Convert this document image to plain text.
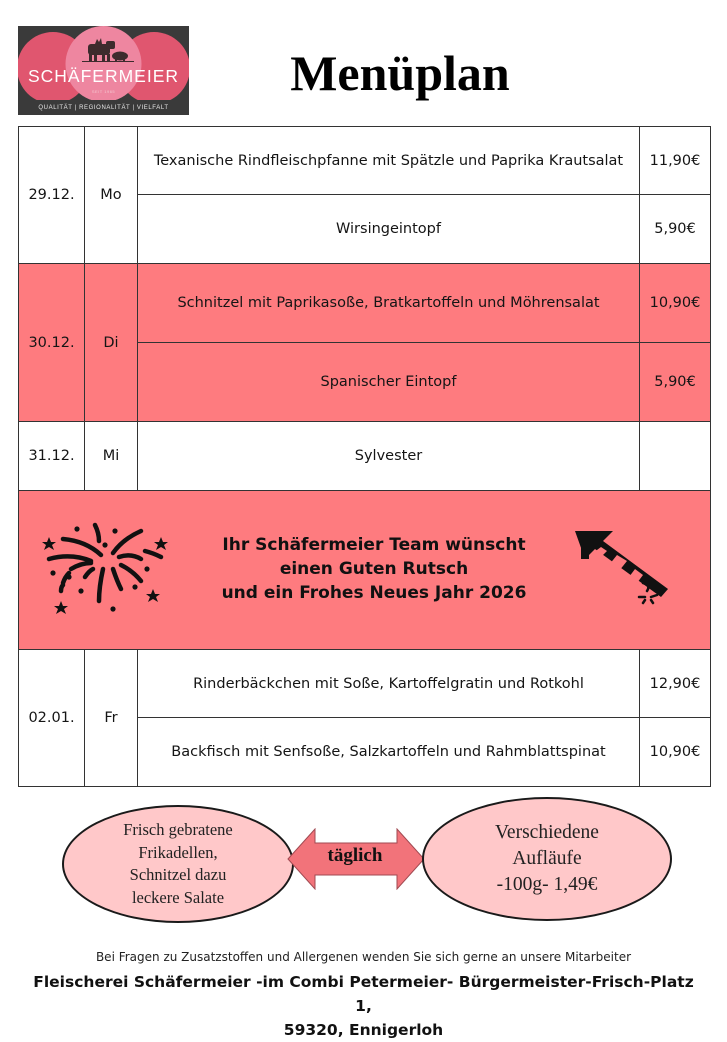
SCHÄFERMEIER
SEIT 1965
QUALITÄT | REGIONALITÄT | VIELFALT
Menüplan
29.12.	Mo
Texanische Rindfleischpfanne mit Spätzle und Paprika Krautsalat	11,90€
Wirsingeintopf	5,90€
30.12.	Di
Schnitzel mit Paprikasoße, Bratkartoffeln und Möhrensalat	10,90€
Spanischer Eintopf	5,90€
31.12.	Mi	Sylvester
02.01.	Fr
Rinderbäckchen mit Soße, Kartoffelgratin und Rotkohl	12,90€
Backfisch mit Senfsoße, Salzkartoffeln und Rahmblattspinat	10,90€
Ihr Schäfermeier Team wünscht
einen Guten Rutsch
und ein Frohes Neues Jahr 2026
Frisch gebratene
Frikadellen,
Schnitzel dazu
leckere Salate
täglich
Verschiedene
Aufläufe
-100g- 1,49€
Bei Fragen zu Zusatzstoffen und Allergenen wenden Sie sich gerne an unsere Mitarbeiter
Fleischerei Schäfermeier -im Combi Petermeier- Bürgermeister-Frisch-Platz 1,
59320, Ennigerloh
